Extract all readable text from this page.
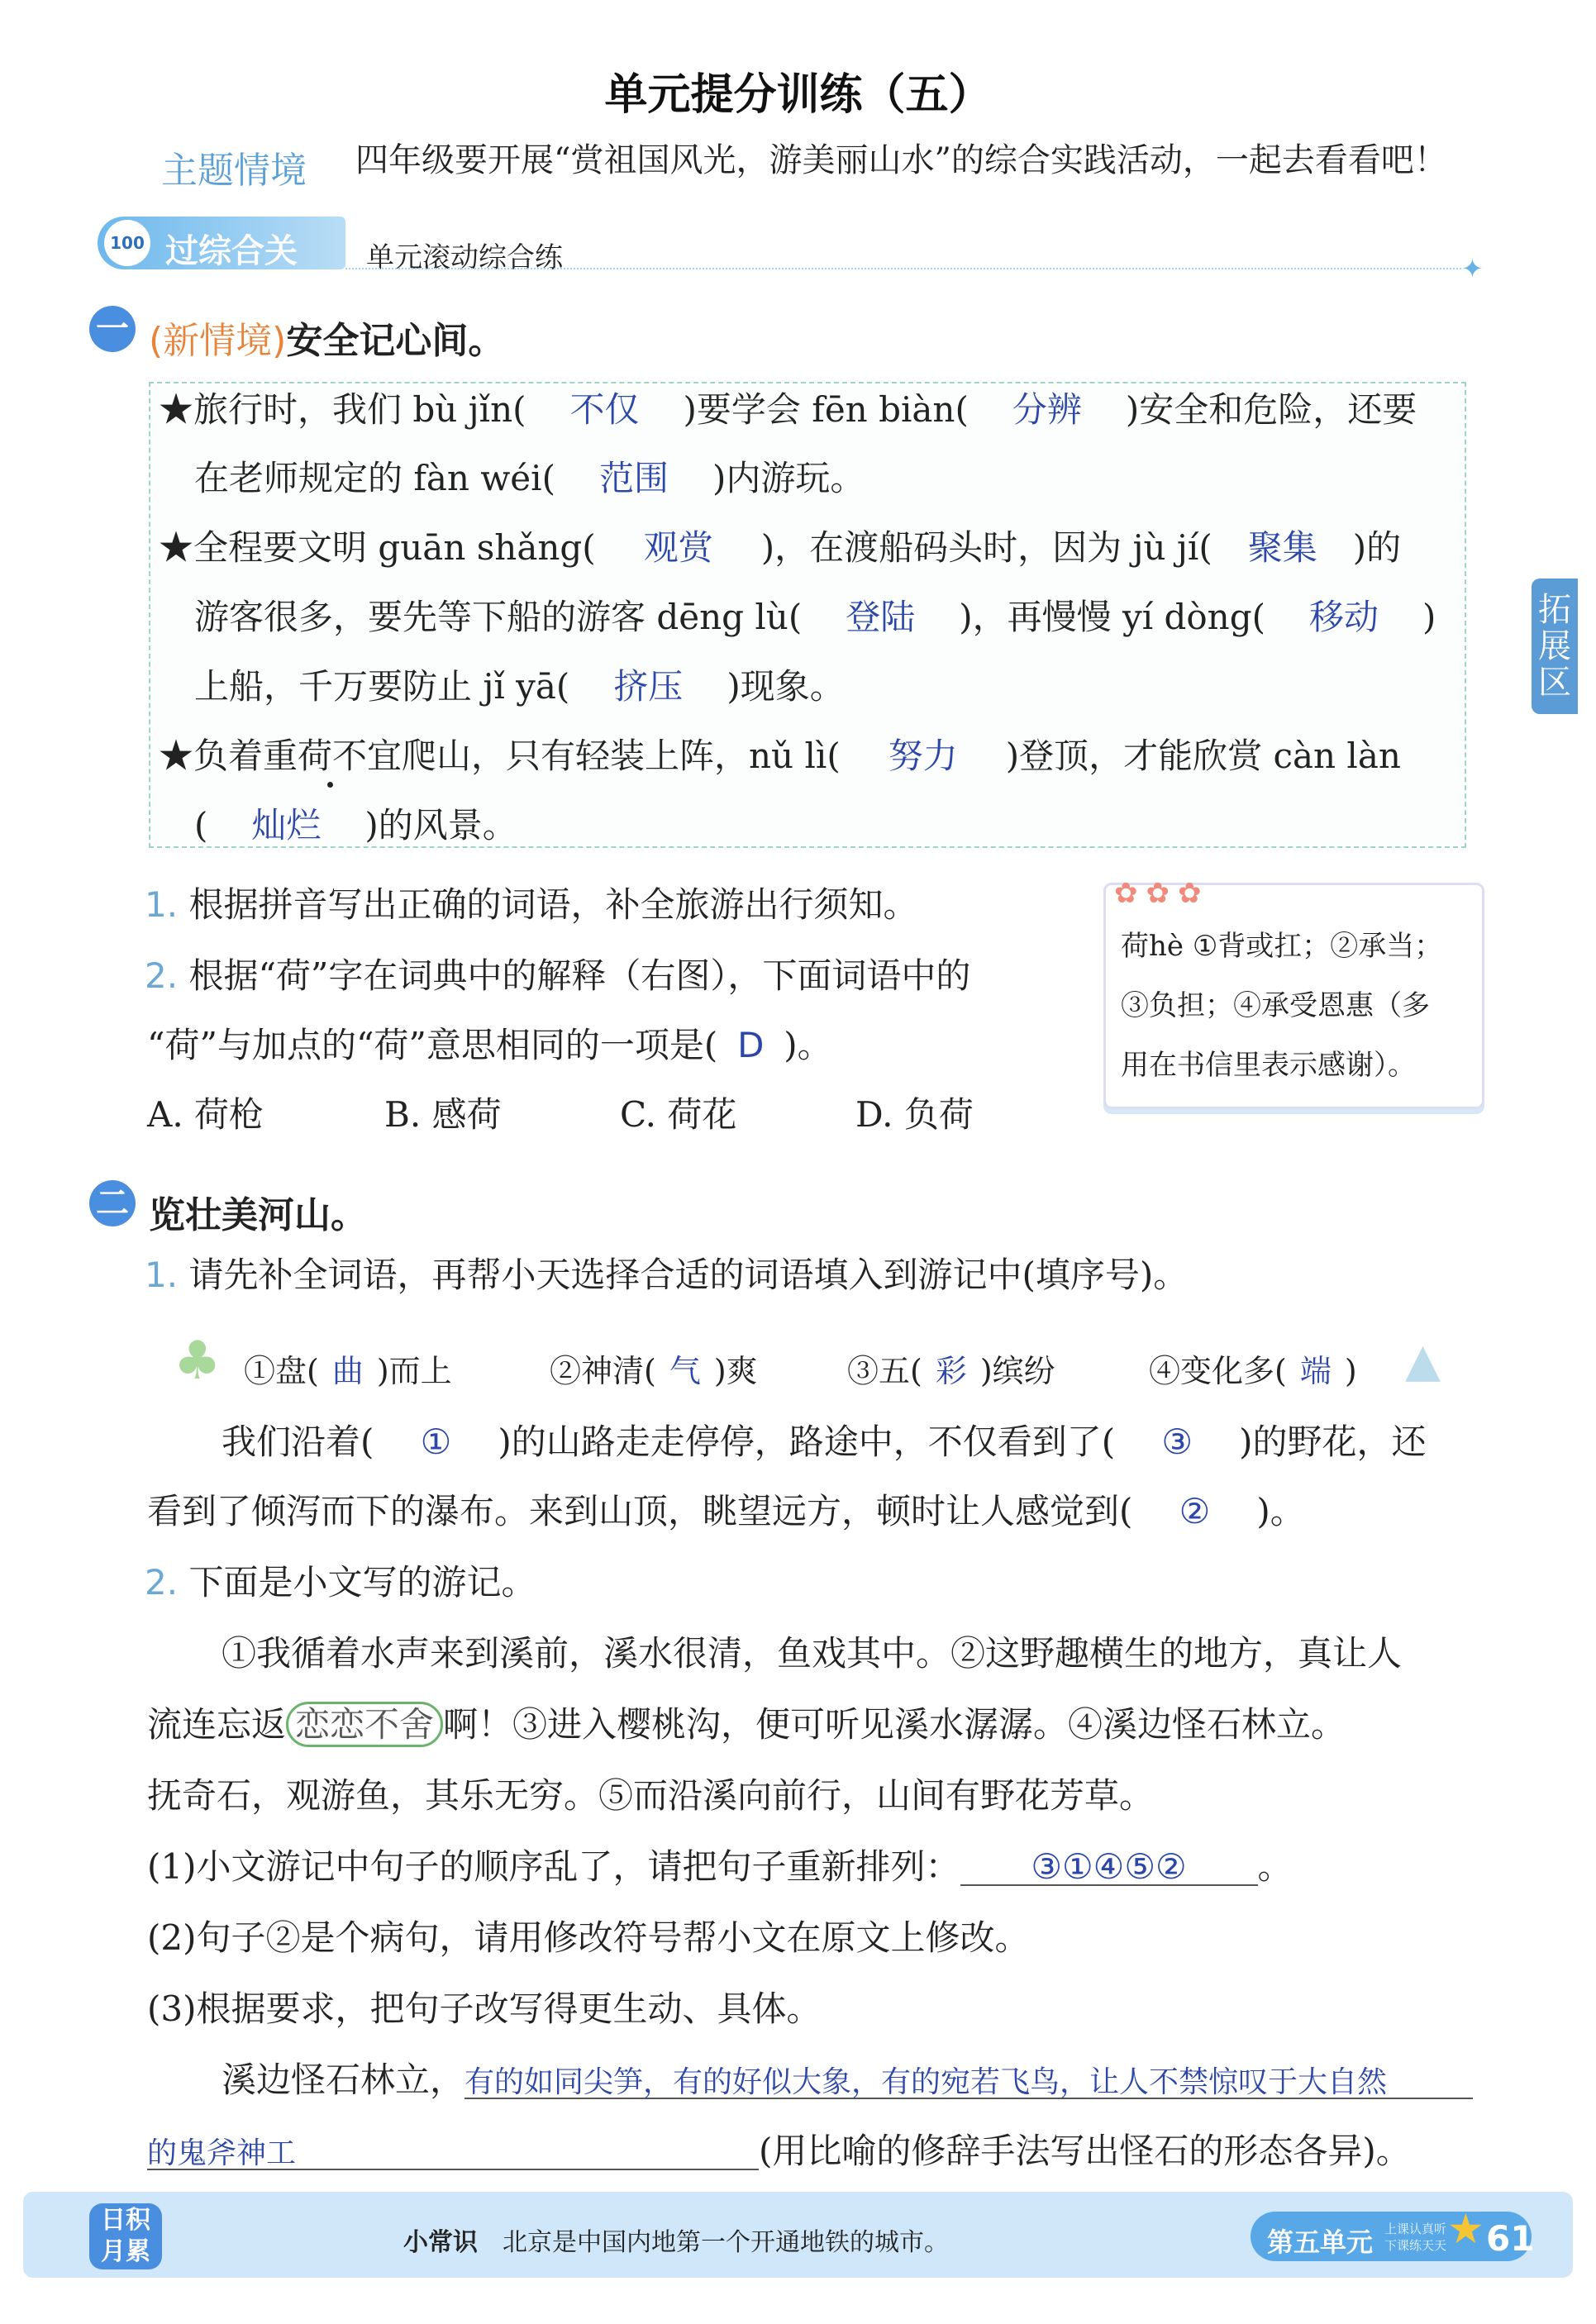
单元提分训练（五）
主题情境 四年级要开展“赏祖国风光，游美丽山水”的综合实践活动，一起去看看吧！
100 过综合关 单元滚动综合练	✦
一 (新情境)安全记心间。
★旅行时，我们 bù jǐn( 不仅 )要学会 fēn biàn( 分辨 )安全和危险，还要
在老师规定的 fàn wéi( 范围 )内游玩。
★全程要文明 guān shǎng( 观赏 )，在渡船码头时，因为 jù jí( 聚集 )的
游客很多，要先等下船的游客 dēng lù( 登陆 )，再慢慢 yí dòng( 移动 )
上船，千万要防止 jǐ yā( 挤压 )现象。
★负着重荷不宜爬山，只有轻装上阵，nǔ lì( 努力 )登顶，才能欣赏 càn làn
( 灿烂 )的风景。
1. 根据拼音写出正确的词语，补全旅游出行须知。
2. 根据“荷”字在词典中的解释（右图），下面词语中的
“荷”与加点的“荷”意思相同的一项是( D )。
A. 荷枪	B. 感荷	C. 荷花	D. 负荷
✿✿✿
荷hè ①背或扛；②承当；
③负担；④承受恩惠（多
用在书信里表示感谢）。
拓展区
二 览壮美河山。
1. 请先补全词语，再帮小天选择合适的词语填入到游记中(填序号)。
♣	▲
①盘( 曲 )而上	②神清( 气 )爽	③五( 彩 )缤纷	④变化多( 端 )
我们沿着( ① )的山路走走停停，路途中，不仅看到了( ③ )的野花，还
看到了倾泻而下的瀑布。来到山顶，眺望远方，顿时让人感觉到( ② )。
2. 下面是小文写的游记。
①我循着水声来到溪前，溪水很清，鱼戏其中。②这野趣横生的地方，真让人
流连忘返 恋恋不舍 啊！③进入樱桃沟，便可听见溪水潺潺。④溪边怪石林立。
抚奇石，观游鱼，其乐无穷。⑤而沿溪向前行，山间有野花芳草。
(1)小文游记中句子的顺序乱了，请把句子重新排列： ③①④⑤② 。
(2)句子②是个病句，请用修改符号帮小文在原文上修改。
(3)根据要求，把句子改写得更生动、具体。
溪边怪石林立，有的如同尖笋，有的好似大象，有的宛若飞鸟，让人不禁惊叹于大自然
的鬼斧神工	(用比喻的修辞手法写出怪石的形态各异)。
日积月累	小常识 北京是中国内地第一个开通地铁的城市。	第五单元 上课认真听
下课练天天 ★ 61
